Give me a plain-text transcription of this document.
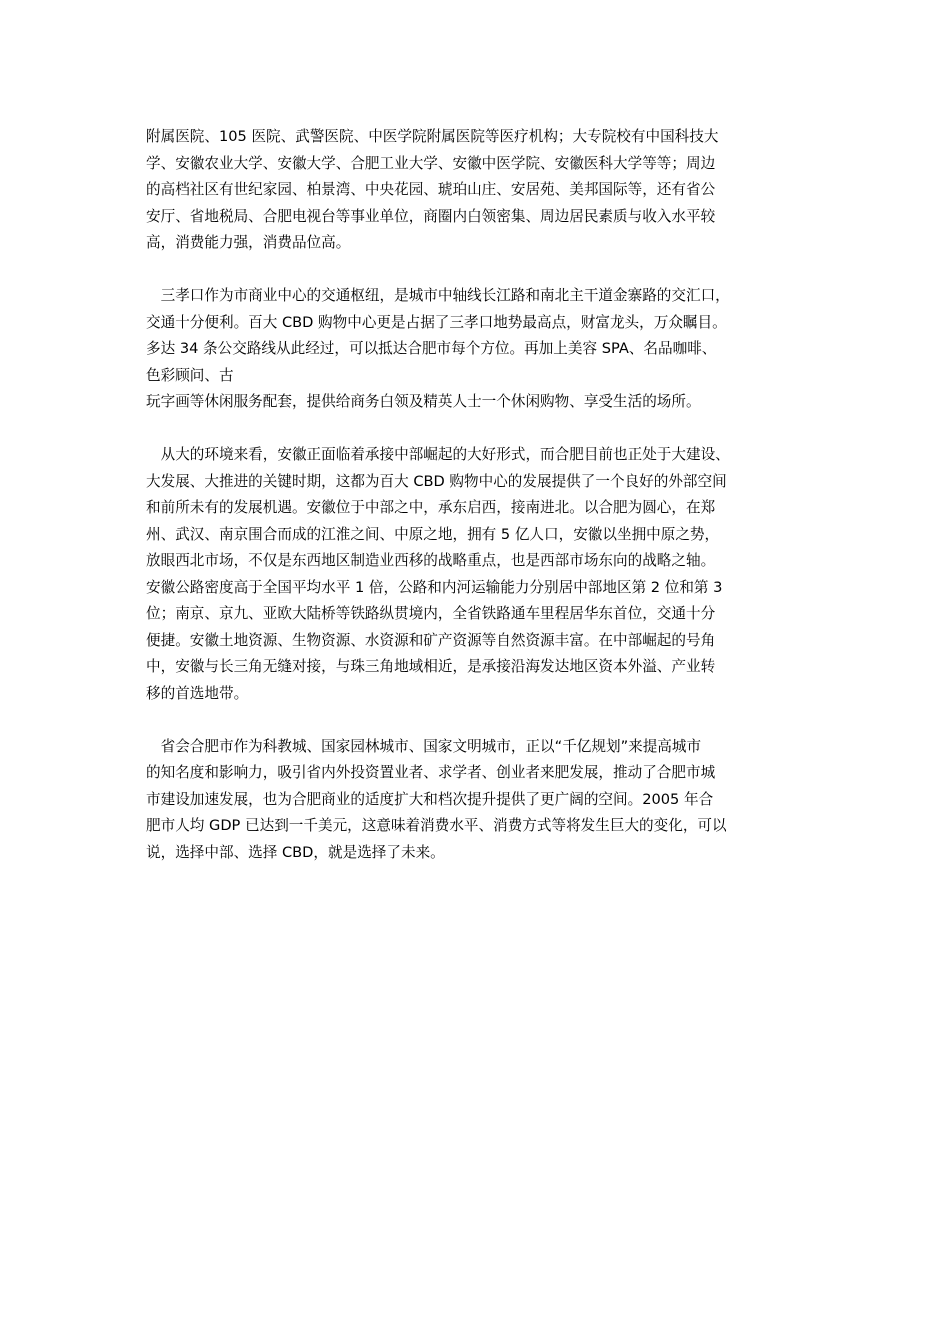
附属医院、105 医院、武警医院、中医学院附属医院等医疗机构；大专院校有中国科技大
学、安徽农业大学、安徽大学、合肥工业大学、安徽中医学院、安徽医科大学等等；周边
的高档社区有世纪家园、柏景湾、中央花园、琥珀山庄、安居苑、美邦国际等，还有省公
安厅、省地税局、合肥电视台等事业单位，商圈内白领密集、周边居民素质与收入水平较
高，消费能力强，消费品位高。

　三孝口作为市商业中心的交通枢纽，是城市中轴线长江路和南北主干道金寨路的交汇口，
交通十分便利。百大 CBD 购物中心更是占据了三孝口地势最高点，财富龙头，万众瞩目。
多达 34 条公交路线从此经过，可以抵达合肥市每个方位。再加上美容 SPA、名品咖啡、
色彩顾问、古
玩字画等休闲服务配套，提供给商务白领及精英人士一个休闲购物、享受生活的场所。

　从大的环境来看，安徽正面临着承接中部崛起的大好形式，而合肥目前也正处于大建设、
大发展、大推进的关键时期，这都为百大 CBD 购物中心的发展提供了一个良好的外部空间
和前所未有的发展机遇。安徽位于中部之中，承东启西，接南进北。以合肥为圆心，在郑
州、武汉、南京围合而成的江淮之间、中原之地，拥有 5 亿人口，安徽以坐拥中原之势，
放眼西北市场，不仅是东西地区制造业西移的战略重点，也是西部市场东向的战略之轴。
安徽公路密度高于全国平均水平 1 倍，公路和内河运输能力分别居中部地区第 2 位和第 3
位；南京、京九、亚欧大陆桥等铁路纵贯境内，全省铁路通车里程居华东首位，交通十分
便捷。安徽土地资源、生物资源、水资源和矿产资源等自然资源丰富。在中部崛起的号角
中，安徽与长三角无缝对接，与珠三角地域相近，是承接沿海发达地区资本外溢、产业转
移的首选地带。

　省会合肥市作为科教城、国家园林城市、国家文明城市，正以“千亿规划”来提高城市
的知名度和影响力，吸引省内外投资置业者、求学者、创业者来肥发展，推动了合肥市城
市建设加速发展，也为合肥商业的适度扩大和档次提升提供了更广阔的空间。2005 年合
肥市人均 GDP 已达到一千美元，这意味着消费水平、消费方式等将发生巨大的变化，可以
说，选择中部、选择 CBD，就是选择了未来。
